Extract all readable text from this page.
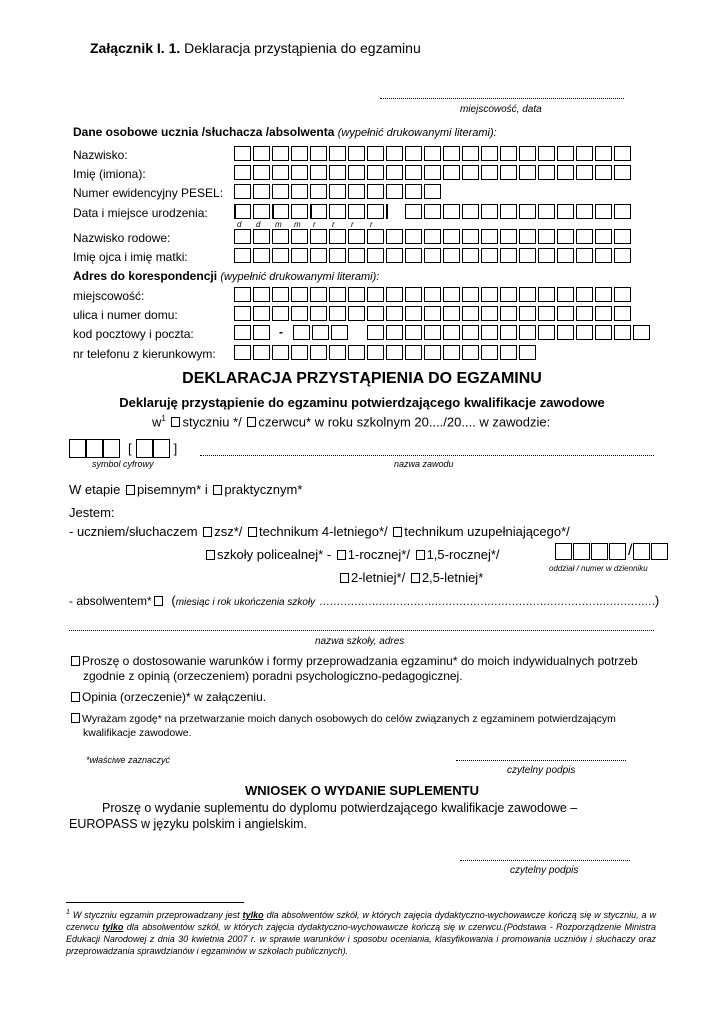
Załącznik I. 1. Deklaracja przystąpienia do egzaminu
miejscowość, data
Dane osobowe ucznia /słuchacza /absolwenta (wypełnić drukowanymi literami):
Nazwisko:
Imię (imiona):
Numer ewidencyjny PESEL:
Data i miejsce urodzenia:
d	d	m	m	r	r	r	r
Nazwisko rodowe:
Imię ojca i imię matki:
Adres do korespondencji (wypełnić drukowanymi literami):
miejscowość:
ulica i numer domu:
kod pocztowy i poczta:	-
nr telefonu z kierunkowym:
DEKLARACJA PRZYSTĄPIENIA DO EGZAMINU
Deklaruję przystąpienie do egzaminu potwierdzającego kwalifikacje zawodowe
$w^1$ styczniu */ czerwcu* w roku szkolnym 20..../20.... w zawodzie:
[	]
symbol cyfrowy	nazwa zawodu
W etapie pisemnym* i praktycznym*
Jestem:
- uczniem/słuchaczem zsz*/ technikum 4-letniego*/ technikum uzupełniającego*/
szkoły policealnej* - 1-rocznej*/ 1,5-rocznej*/	/
oddział / numer w dzienniku
2-letniej*/ 2,5-letniej*
- absolwentem* (miesiąc i rok ukończenia szkoły ……………………………………………………………………………………)
nazwa szkoły, adres
Proszę o dostosowanie warunków i formy przeprowadzania egzaminu* do moich indywidualnych potrzeb
zgodnie z opinią (orzeczeniem) poradni psychologiczno-pedagogicznej.
Opinia (orzeczenie)* w załączeniu.
Wyrażam zgodę* na przetwarzanie moich danych osobowych do celów związanych z egzaminem potwierdzającym
kwalifikacje zawodowe.
*właściwe zaznaczyć
czytelny podpis
WNIOSEK O WYDANIE SUPLEMENTU
Proszę o wydanie suplementu do dyplomu potwierdzającego kwalifikacje zawodowe –
EUROPASS w języku polskim i angielskim.
czytelny podpis
$^1$ W styczniu egzamin przeprowadzany jest tylko dla absolwentów szkół, w których zajęcia dydaktyczno-wychowawcze kończą się w styczniu, a w czerwcu tylko dla absolwentów szkół, w których zajęcia dydaktyczno-wychowawcze kończą się w czerwcu.(Podstawa - Rozporządzenie Ministra Edukacji Narodowej z dnia 30 kwietnia 2007 r. w sprawie warunków i sposobu oceniania, klasyfikowania i promowania uczniów i słuchaczy oraz przeprowadzania sprawdzianów i egzaminów w szkołach publicznych).
